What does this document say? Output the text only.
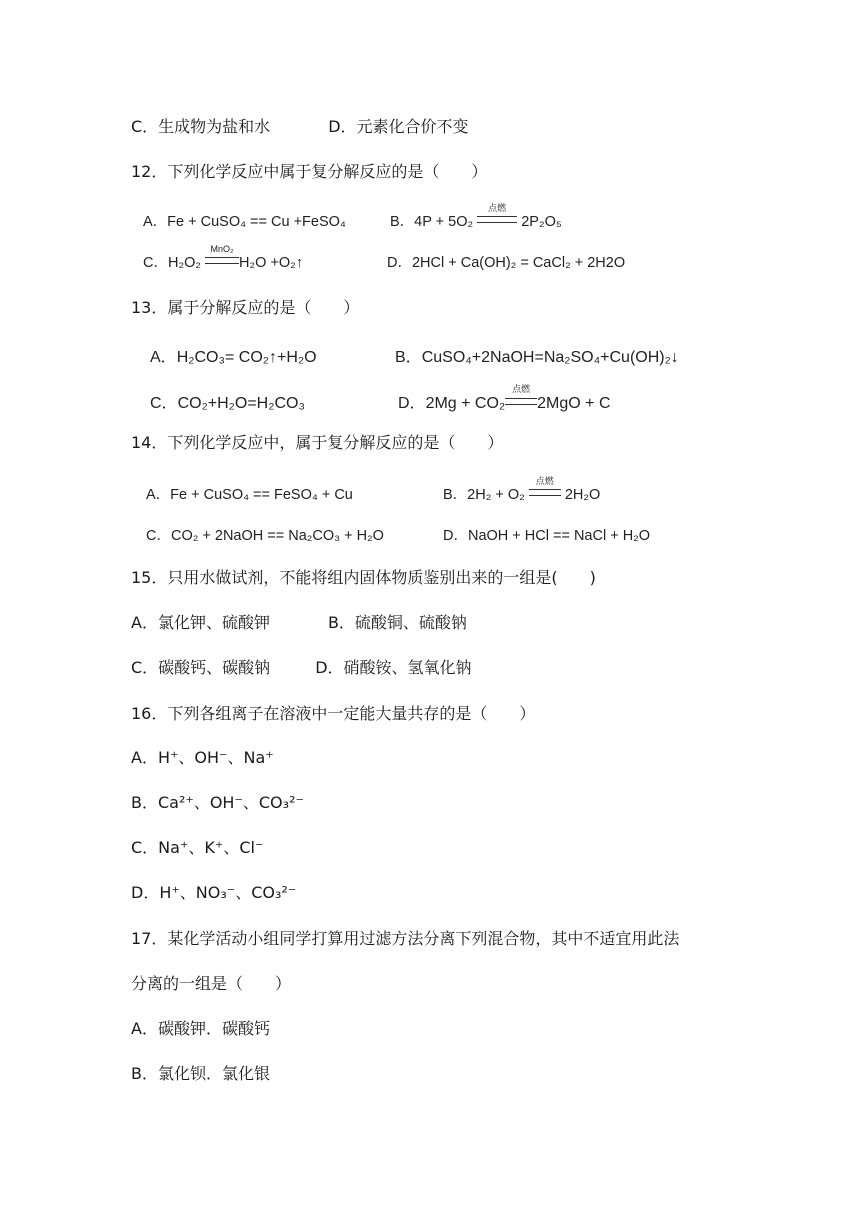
C．生成物为盐和水	D．元素化合价不变
12．下列化学反应中属于复分解反应的是（　　）
A．Fe + CuSO₄ == Cu +FeSO₄	B．4P + 5O₂
点燃
2P₂O₅
C．H₂O₂
MnO₂
H₂O +O₂↑	D．2HCl + Ca(OH)₂ = CaCl₂ + 2H2O
13．属于分解反应的是（　　）
A．H₂CO₃= CO₂↑+H₂O	B．CuSO₄+2NaOH=Na₂SO₄+Cu(OH)₂↓
C．CO₂+H₂O=H₂CO₃	D．2Mg + CO₂
点燃
2MgO + C
14．下列化学反应中，属于复分解反应的是（　　）
A．Fe + CuSO₄ == FeSO₄ + Cu	B．2H₂ + O₂
点燃
2H₂O
C．CO₂ + 2NaOH == Na₂CO₃ + H₂O	D．NaOH + HCl == NaCl + H₂O
15．只用水做试剂，不能将组内固体物质鉴别出来的一组是(　　)
A．氯化钾、硫酸钾	B．硫酸铜、硫酸钠
C．碳酸钙、碳酸钠	D．硝酸铵、氢氧化钠
16．下列各组离子在溶液中一定能大量共存的是（　　）
A．H⁺、OH⁻、Na⁺
B．Ca²⁺、OH⁻、CO₃²⁻
C．Na⁺、K⁺、Cl⁻
D．H⁺、NO₃⁻、CO₃²⁻
17．某化学活动小组同学打算用过滤方法分离下列混合物，其中不适宜用此法
分离的一组是（　　）
A．碳酸钾．碳酸钙
B．氯化钡．氯化银
